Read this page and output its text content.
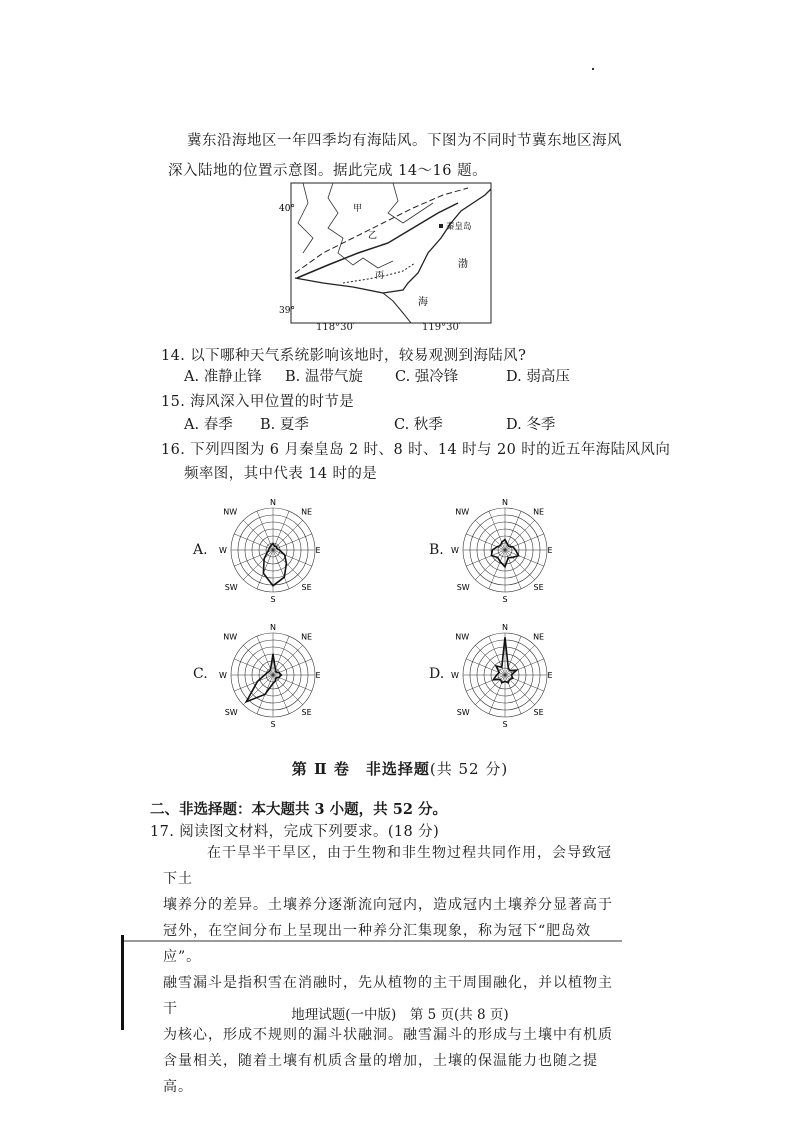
冀东沿海地区一年四季均有海陆风。下图为不同时节冀东地区海风
深入陆地的位置示意图。据此完成 14～16 题。
40°
39°
甲
乙
丙
秦皇岛
渤
海
118°30′	119°30′
14. 以下哪种天气系统影响该地时，较易观测到海陆风?
A. 准静止锋 B. 温带气旋 C. 强冷锋	D. 弱高压
15. 海风深入甲位置的时节是
A. 春季 B. 夏季	C. 秋季	D. 冬季
16. 下列四图为 6 月秦皇岛 2 时、8 时、14 时与 20 时的近五年海陆风风向
频率图，其中代表 14 时的是
A.	B.
C.	D.
N
NE
E
SE
S
SW
W
NW
N
NE
E
SE
S
SW
W
NW
N
NE
E
SE
S
SW
W
NW
N
NE
E
SE
S
SW
W
NW
第 Ⅱ 卷　非选择题(共 52 分)
二、非选择题：本大题共 3 小题，共 52 分。
17. 阅读图文材料，完成下列要求。(18 分)
在干旱半干旱区，由于生物和非生物过程共同作用，会导致冠下土
壤养分的差异。土壤养分逐渐流向冠内，造成冠内土壤养分显著高于
冠外，在空间分布上呈现出一种养分汇集现象，称为冠下“肥岛效应”。
融雪漏斗是指积雪在消融时，先从植物的主干周围融化，并以植物主干
为核心，形成不规则的漏斗状融洞。融雪漏斗的形成与土壤中有机质
含量相关，随着土壤有机质含量的增加，土壤的保温能力也随之提高。
地理试题(一中版)　第 5 页(共 8 页)
